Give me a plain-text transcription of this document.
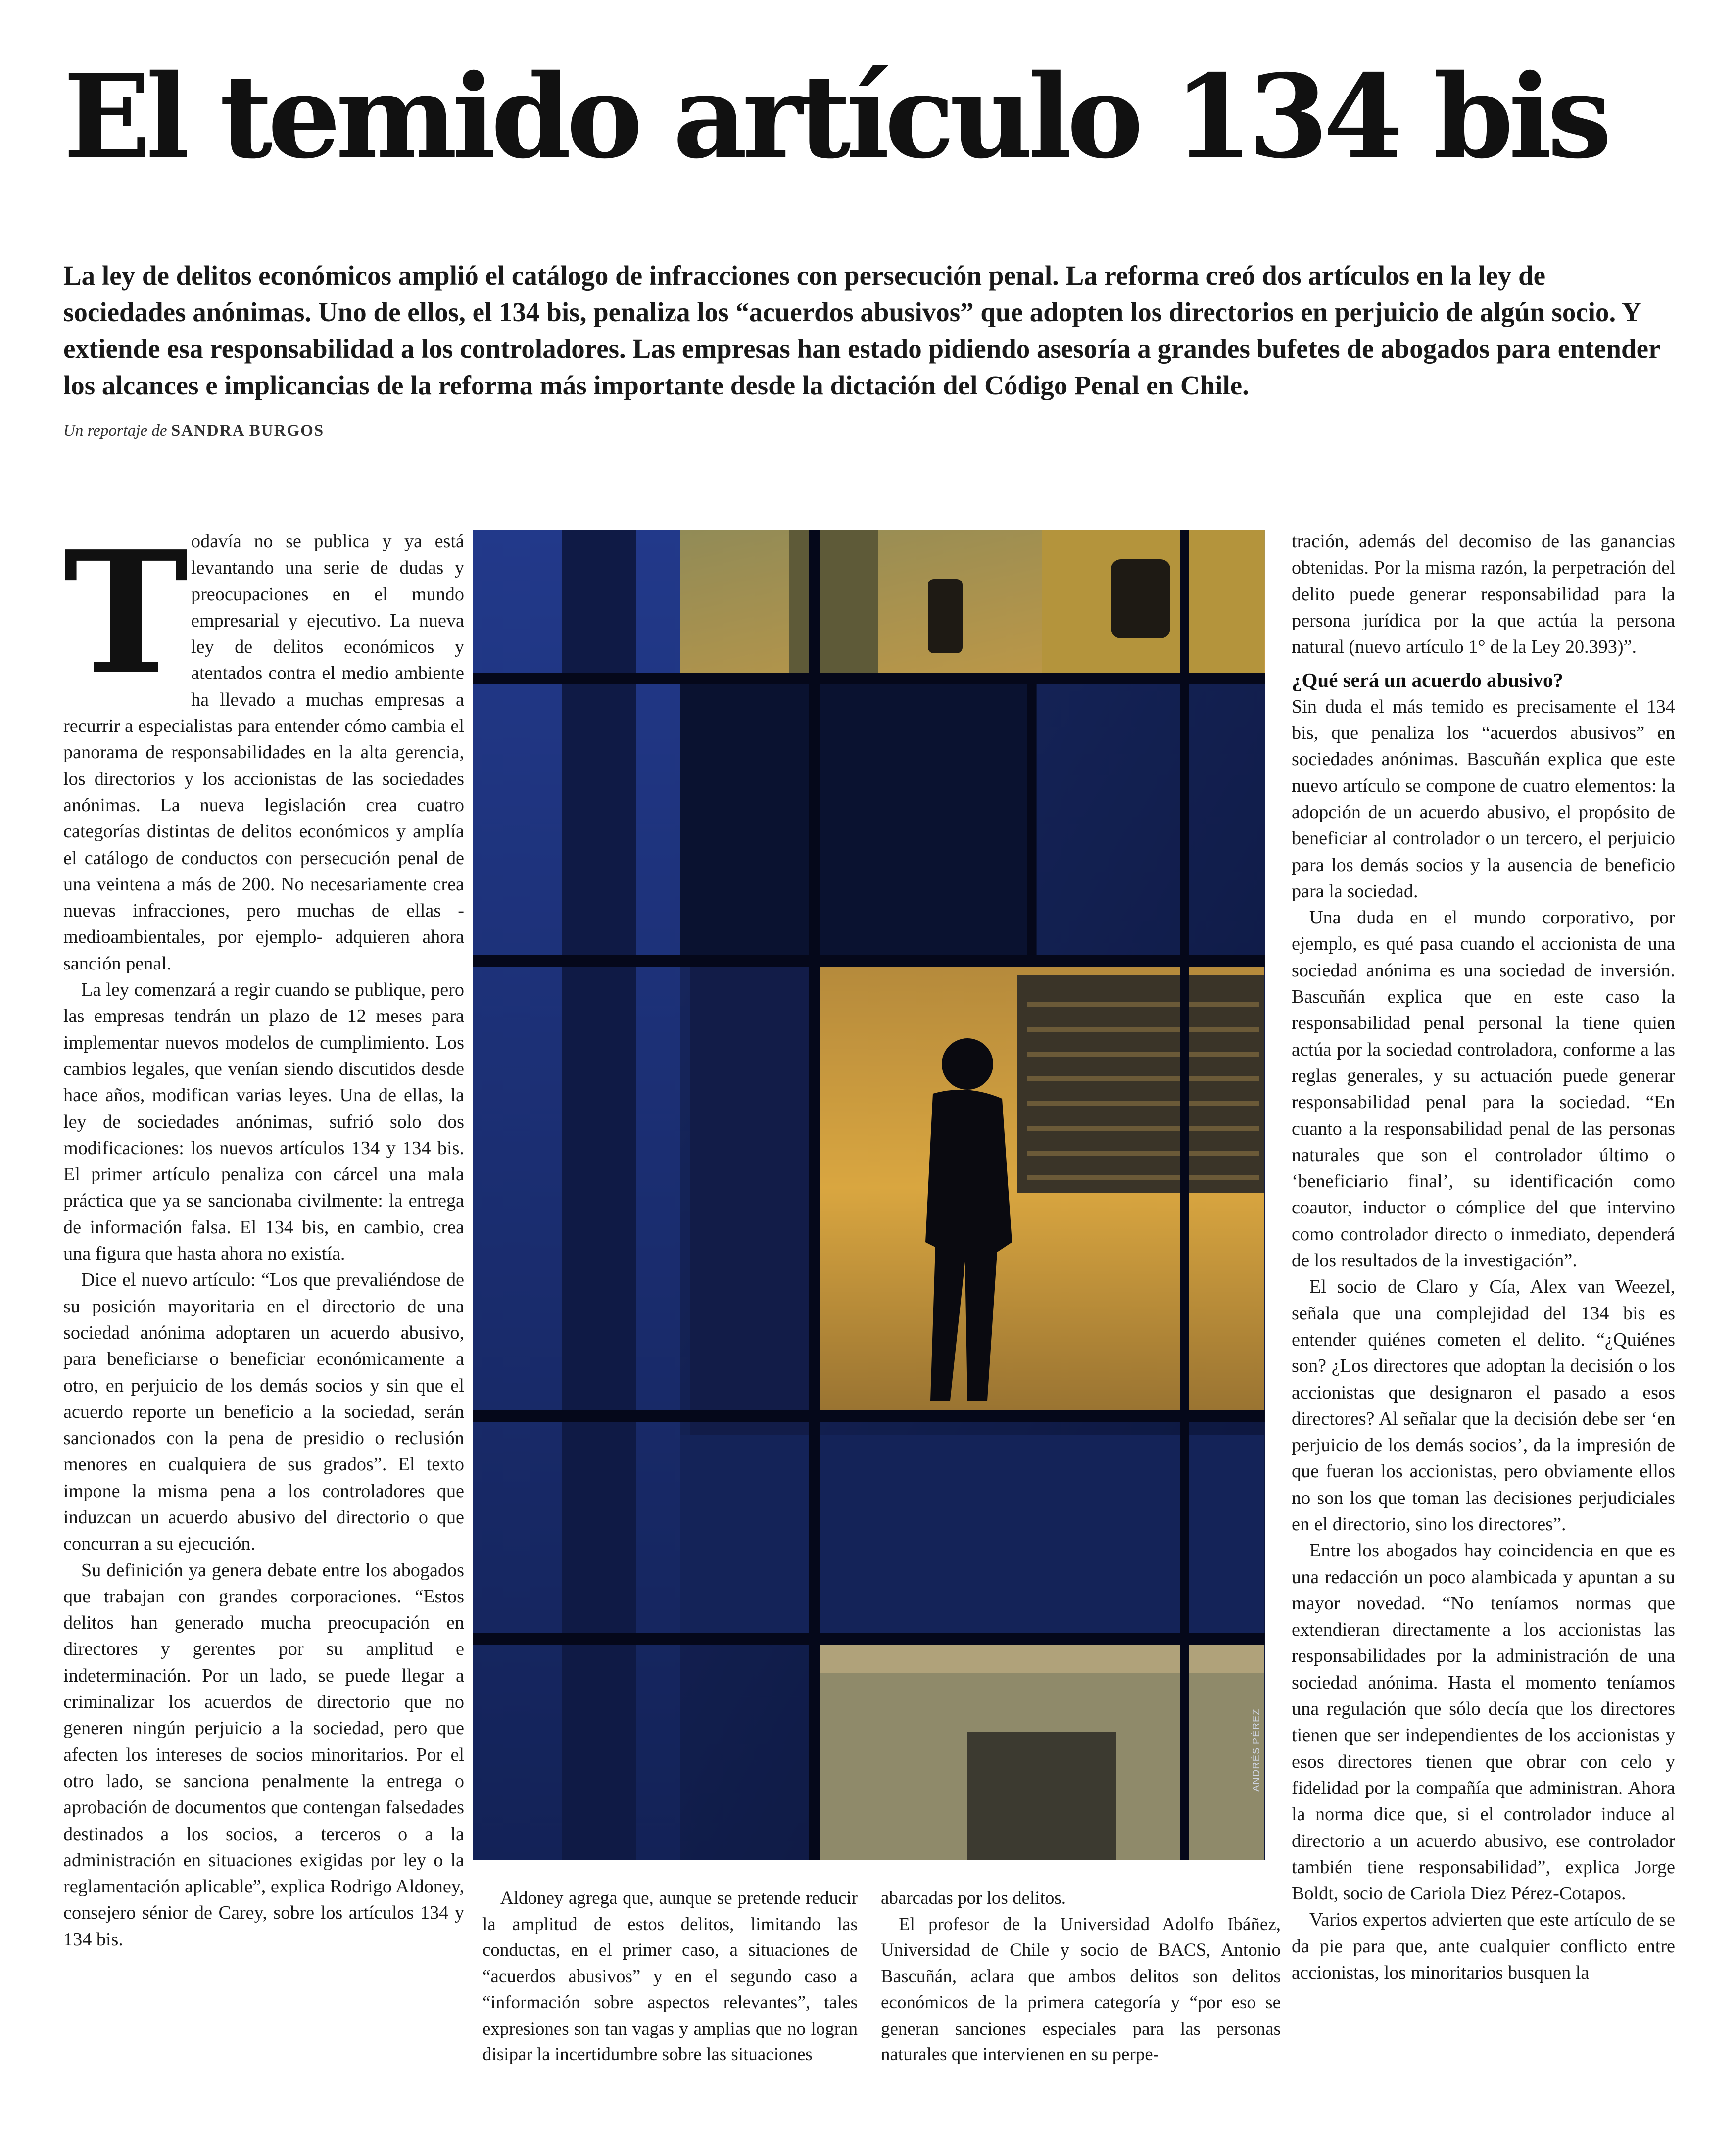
El temido artículo 134 bis

La ley de delitos económicos amplió el catálogo de infracciones con persecución penal. La reforma creó dos artículos en la ley de sociedades anónimas. Uno de ellos, el 134 bis, penaliza los “acuerdos abusivos” que adopten los directorios en perjuicio de algún socio. Y extiende esa responsabilidad a los controladores. Las empresas han estado pidiendo asesoría a grandes bufetes de abogados para entender los alcances e implicancias de la reforma más importante desde la dictación del Código Penal en Chile.

Un reportaje de SANDRA BURGOS

Todavía no se publica y ya está levantando una serie de dudas y preocupaciones en el mundo empresarial y ejecutivo. La nueva ley de delitos económicos y atentados contra el medio ambiente ha llevado a muchas empresas a recurrir a especialistas para entender cómo cambia el panorama de responsabilidades en la alta gerencia, los directorios y los accionistas de las sociedades anónimas. La nueva legislación crea cuatro categorías distintas de delitos económicos y amplía el catálogo de conductos con persecución penal de una veintena a más de 200. No necesariamente crea nuevas infracciones, pero muchas de ellas -medioambientales, por ejemplo- adquieren ahora sanción penal.

La ley comenzará a regir cuando se publique, pero las empresas tendrán un plazo de 12 meses para implementar nuevos modelos de cumplimiento. Los cambios legales, que venían siendo discutidos desde hace años, modifican varias leyes. Una de ellas, la ley de sociedades anónimas, sufrió solo dos modificaciones: los nuevos artículos 134 y 134 bis. El primer artículo penaliza con cárcel una mala práctica que ya se sancionaba civilmente: la entrega de información falsa. El 134 bis, en cambio, crea una figura que hasta ahora no existía.

Dice el nuevo artículo: “Los que prevaliéndose de su posición mayoritaria en el directorio de una sociedad anónima adoptaren un acuerdo abusivo, para beneficiarse o beneficiar económicamente a otro, en perjuicio de los demás socios y sin que el acuerdo reporte un beneficio a la sociedad, serán sancionados con la pena de presidio o reclusión menores en cualquiera de sus grados”. El texto impone la misma pena a los controladores que induzcan un acuerdo abusivo del directorio o que concurran a su ejecución.

Su definición ya genera debate entre los abogados que trabajan con grandes corporaciones. “Estos delitos han generado mucha preocupación en directores y gerentes por su amplitud e indeterminación. Por un lado, se puede llegar a criminalizar los acuerdos de directorio que no generen ningún perjuicio a la sociedad, pero que afecten los intereses de socios minoritarios. Por el otro lado, se sanciona penalmente la entrega o aprobación de documentos que contengan falsedades destinados a los socios, a terceros o a la administración en situaciones exigidas por ley o la reglamentación aplicable”, explica Rodrigo Aldoney, consejero sénior de Carey, sobre los artículos 134 y 134 bis.

ANDRÉS PÉREZ

Aldoney agrega que, aunque se pretende reducir la amplitud de estos delitos, limitando las conductas, en el primer caso, a situaciones de “acuerdos abusivos” y en el segundo caso a “información sobre aspectos relevantes”, tales expresiones son tan vagas y amplias que no logran disipar la incertidumbre sobre las situaciones

abarcadas por los delitos.

El profesor de la Universidad Adolfo Ibáñez, Universidad de Chile y socio de BACS, Antonio Bascuñán, aclara que ambos delitos son delitos económicos de la primera categoría y “por eso se generan sanciones especiales para las personas naturales que intervienen en su perpe-

tración, además del decomiso de las ganancias obtenidas. Por la misma razón, la perpetración del delito puede generar responsabilidad para la persona jurídica por la que actúa la persona natural (nuevo artículo 1° de la Ley 20.393)”.

¿Qué será un acuerdo abusivo?

Sin duda el más temido es precisamente el 134 bis, que penaliza los “acuerdos abusivos” en sociedades anónimas. Bascuñán explica que este nuevo artículo se compone de cuatro elementos: la adopción de un acuerdo abusivo, el propósito de beneficiar al controlador o un tercero, el perjuicio para los demás socios y la ausencia de beneficio para la sociedad.

Una duda en el mundo corporativo, por ejemplo, es qué pasa cuando el accionista de una sociedad anónima es una sociedad de inversión. Bascuñán explica que en este caso la responsabilidad penal personal la tiene quien actúa por la sociedad controladora, conforme a las reglas generales, y su actuación puede generar responsabilidad penal para la sociedad. “En cuanto a la responsabilidad penal de las personas naturales que son el controlador último o ‘beneficiario final’, su identificación como coautor, inductor o cómplice del que intervino como controlador directo o inmediato, dependerá de los resultados de la investigación”.

El socio de Claro y Cía, Alex van Weezel, señala que una complejidad del 134 bis es entender quiénes cometen el delito. “¿Quiénes son? ¿Los directores que adoptan la decisión o los accionistas que designaron el pasado a esos directores? Al señalar que la decisión debe ser ‘en perjuicio de los demás socios’, da la impresión de que fueran los accionistas, pero obviamente ellos no son los que toman las decisiones perjudiciales en el directorio, sino los directores”.

Entre los abogados hay coincidencia en que es una redacción un poco alambicada y apuntan a su mayor novedad. “No teníamos normas que extendieran directamente a los accionistas las responsabilidades por la administración de una sociedad anónima. Hasta el momento teníamos una regulación que sólo decía que los directores tienen que ser independientes de los accionistas y esos directores tienen que obrar con celo y fidelidad por la compañía que administran. Ahora la norma dice que, si el controlador induce al directorio a un acuerdo abusivo, ese controlador también tiene responsabilidad”, explica Jorge Boldt, socio de Cariola Diez Pérez-Cotapos.

Varios expertos advierten que este artículo de se da pie para que, ante cualquier conflicto entre accionistas, los minoritarios busquen la
